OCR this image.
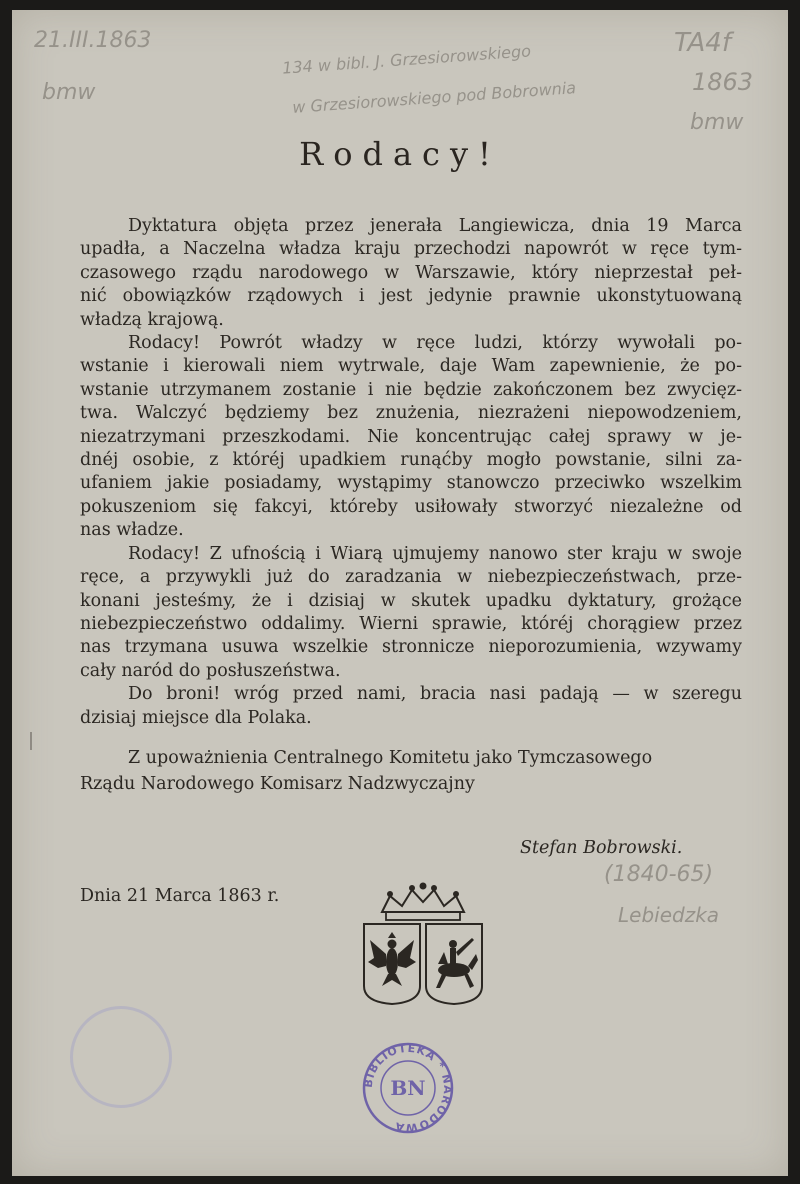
21.III.1863
bmw
134 w bibl. J. Grzesiorowskiego
w Grzesiorowskiego pod Bobrownia
TA4f
1863
bmw
Rodacy!
Dyktatura objęta przez jenerała Langiewicza, dnia 19 Marca
upadła, a Naczelna władza kraju przechodzi napowrót w ręce tym-
czasowego rządu narodowego w Warszawie, który nieprzestał peł-
nić obowiązków rządowych i jest jedynie prawnie ukonstytuowaną
władzą krajową.
Rodacy! Powrót władzy w ręce ludzi, którzy wywołali po-
wstanie i kierowali niem wytrwale, daje Wam zapewnienie, że po-
wstanie utrzymanem zostanie i nie będzie zakończonem bez zwycięz-
twa. Walczyć będziemy bez znużenia, niezrażeni niepowodzeniem,
niezatrzymani przeszkodami. Nie koncentrując całej sprawy w je-
dnéj osobie, z któréj upadkiem runąćby mogło powstanie, silni za-
ufaniem jakie posiadamy, wystąpimy stanowczo przeciwko wszelkim
pokuszeniom się fakcyi, któreby usiłowały stworzyć niezależne od
nas władze.
Rodacy! Z ufnością i Wiarą ujmujemy nanowo ster kraju w swoje
ręce, a przywykli już do zaradzania w niebezpieczeństwach, prze-
konani jesteśmy, że i dzisiaj w skutek upadku dyktatury, grożące
niebezpieczeństwo oddalimy. Wierni sprawie, któréj chorągiew przez
nas trzymana usuwa wszelkie stronnicze nieporozumienia, wzywamy
cały naród do posłuszeństwa.
Do broni! wróg przed nami, bracia nasi padają — w szeregu
dzisiaj miejsce dla Polaka.
Z upoważnienia Centralnego Komitetu jako Tymczasowego
Rządu Narodowego Komisarz Nadzwyczajny
Stefan Bobrowski.
(1840-65)
Lebiedzka
Dnia 21 Marca 1863 r.
BIBLIOTEKA * NARODOWA
BN
